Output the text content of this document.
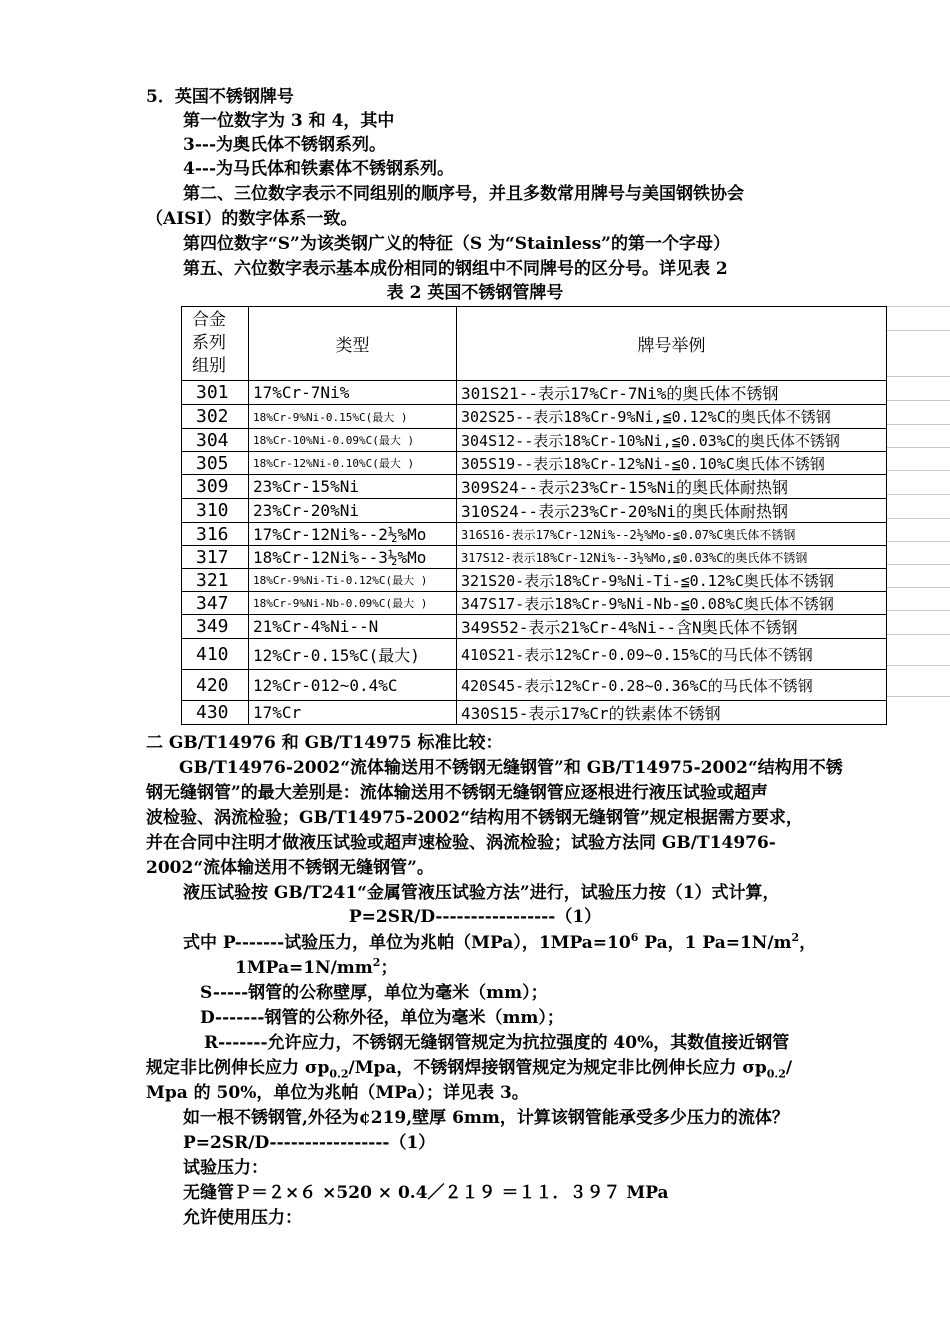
5．英国不锈钢牌号
第一位数字为 3 和 4，其中
3---为奥氏体不锈钢系列。
4---为马氏体和铁素体不锈钢系列。
第二、三位数字表示不同组别的顺序号，并且多数常用牌号与美国钢铁协会
（AISI）的数字体系一致。
第四位数字“S”为该类钢广义的特征（S 为“Stainless”的第一个字母）
第五、六位数字表示基本成份相同的钢组中不同牌号的区分号。详见表 2
表 2 英国不锈钢管牌号
合金系列组别	类型	牌号举例
301	17%Cr-7Ni%	301S21--表示17%Cr-7Ni%的奥氏体不锈钢
302	18%Cr-9%Ni-0.15%C(最大 )	302S25--表示18%Cr-9%Ni,≦0.12%C的奥氏体不锈钢
304	18%Cr-10%Ni-0.09%C(最大 )	304S12--表示18%Cr-10%Ni,≦0.03%C的奥氏体不锈钢
305	18%Cr-12%Ni-0.10%C(最大 )	305S19--表示18%Cr-12%Ni-≦0.10%C奥氏体不锈钢
309	23%Cr-15%Ni	309S24--表示23%Cr-15%Ni的奥氏体耐热钢
310	23%Cr-20%Ni	310S24--表示23%Cr-20%Ni的奥氏体耐热钢
316	17%Cr-12Ni%--2½%Mo	316S16-表示17%Cr-12Ni%--2½%Mo-≦0.07%C奥氏体不锈钢
317	18%Cr-12Ni%--3½%Mo	317S12-表示18%Cr-12Ni%--3½%Mo,≦0.03%C的奥氏体不锈钢
321	18%Cr-9%Ni-Ti-0.12%C(最大 )	321S20-表示18%Cr-9%Ni-Ti-≦0.12%C奥氏体不锈钢
347	18%Cr-9%Ni-Nb-0.09%C(最大 )	347S17-表示18%Cr-9%Ni-Nb-≦0.08%C奥氏体不锈钢
349	21%Cr-4%Ni--N	349S52-表示21%Cr-4%Ni--含N奥氏体不锈钢
410	12%Cr-0.15%C(最大)	410S21-表示12%Cr-0.09~0.15%C的马氏体不锈钢
420	12%Cr-012~0.4%C	420S45-表示12%Cr-0.28~0.36%C的马氏体不锈钢
430	17%Cr	430S15-表示17%Cr的铁素体不锈钢
二 GB/T14976 和 GB/T14975 标准比较：
GB/T14976-2002“流体输送用不锈钢无缝钢管”和 GB/T14975-2002“结构用不锈
钢无缝钢管”的最大差别是：流体输送用不锈钢无缝钢管应逐根进行液压试验或超声
波检验、涡流检验；GB/T14975-2002“结构用不锈钢无缝钢管”规定根据需方要求，
并在合同中注明才做液压试验或超声速检验、涡流检验；试验方法同 GB/T14976-
2002“流体输送用不锈钢无缝钢管”。
液压试验按 GB/T241“金属管液压试验方法”进行，试验压力按（1）式计算，
P=2SR/D-----------------（1）
式中 P-------试验压力，单位为兆帕（MPa），$1MPa=10^6$ Pa，1 $Pa=1N/m^2$，
$1MPa=1N/mm^2$；
S-----钢管的公称壁厚，单位为毫米（mm）；
D-------钢管的公称外径，单位为毫米（mm）；
R-------允许应力，不锈钢无缝钢管规定为抗拉强度的 40%，其数值接近钢管
规定非比例伸长应力 $\sigma p_{0.2}$/Mpa，不锈钢焊接钢管规定为规定非比例伸长应力 $\sigma p_{0.2}/$
Mpa 的 50%，单位为兆帕（MPa）；详见表 3。
如一根不锈钢管,外径为¢219,壁厚 6mm，计算该钢管能承受多少压力的流体？
P=2SR/D-----------------（1）
试验压力：
无缝管Ｐ＝２×６ ×520 × 0.4／２１９ ＝１１．３９７ MPa
允许使用压力：
